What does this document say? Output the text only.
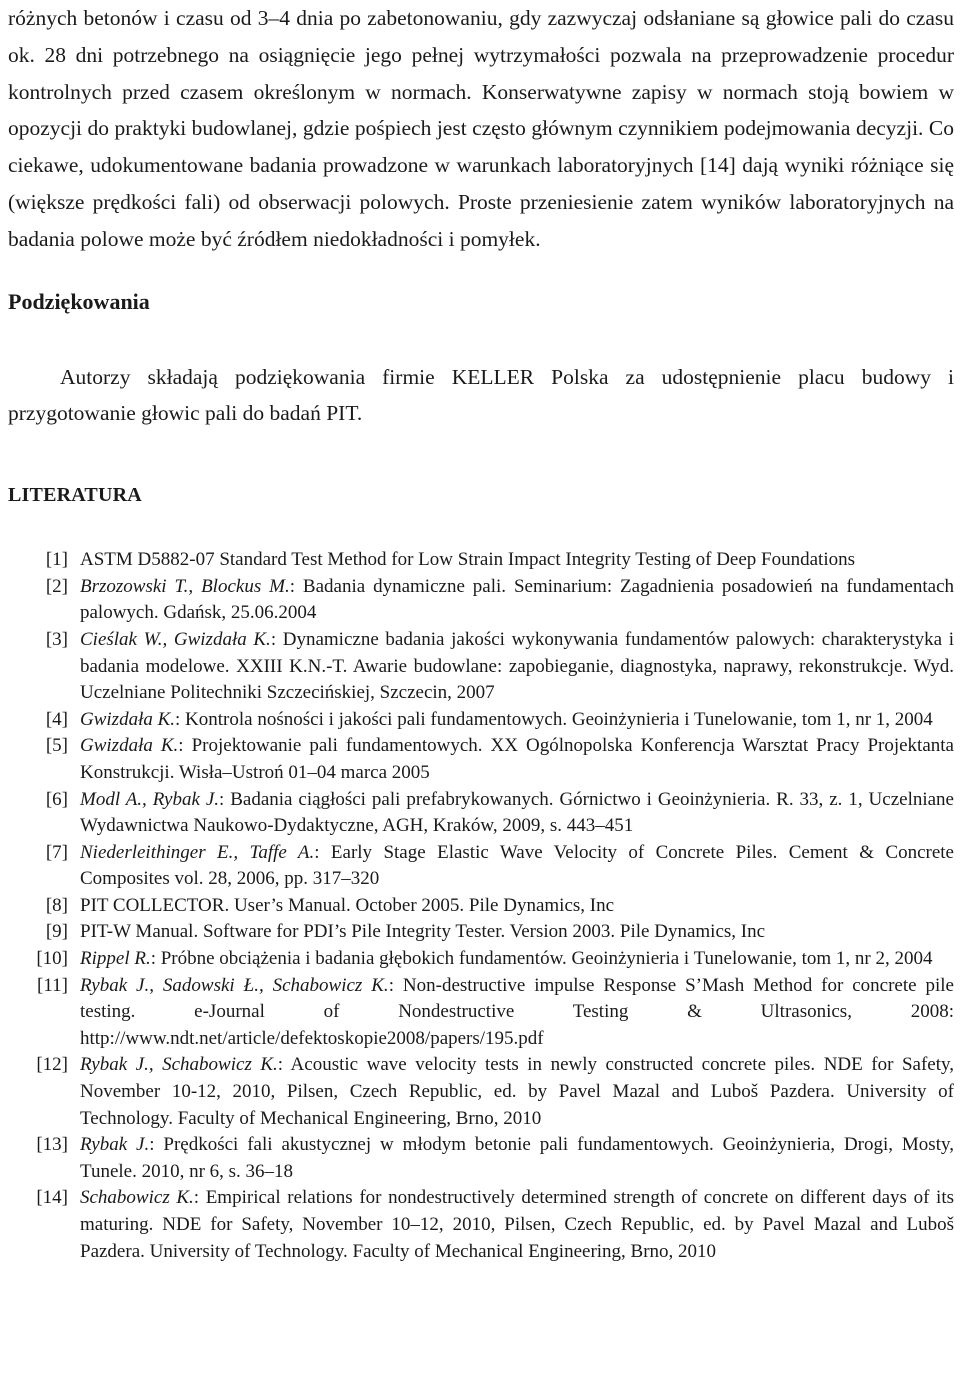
różnych betonów i czasu od 3–4 dnia po zabetonowaniu, gdy zazwyczaj odsłaniane są głowice pali do czasu ok. 28 dni potrzebnego na osiągnięcie jego pełnej wytrzymałości pozwala na przeprowadzenie procedur kontrolnych przed czasem określonym w normach. Konserwatywne zapisy w normach stoją bowiem w opozycji do praktyki budowlanej, gdzie pośpiech jest często głównym czynnikiem podejmowania decyzji. Co ciekawe, udokumentowane badania prowadzone w warunkach laboratoryjnych [14] dają wyniki różniące się (większe prędkości fali) od obserwacji polowych. Proste przeniesienie zatem wyników laboratoryjnych na badania polowe może być źródłem niedokładności i pomyłek.

Podziękowania

Autorzy składają podziękowania firmie KELLER Polska za udostępnienie placu budowy i przygotowanie głowic pali do badań PIT.

LITERATURA
[1] ASTM D5882-07 Standard Test Method for Low Strain Impact Integrity Testing of Deep Foundations
[2] Brzozowski T., Blockus M.: Badania dynamiczne pali. Seminarium: Zagadnienia posadowień na fundamentach palowych. Gdańsk, 25.06.2004
[3] Cieślak W., Gwizdała K.: Dynamiczne badania jakości wykonywania fundamentów palowych: charakterystyka i badania modelowe. XXIII K.N.-T. Awarie budowlane: zapobieganie, diagnostyka, naprawy, rekonstrukcje. Wyd. Uczelniane Politechniki Szczecińskiej, Szczecin, 2007
[4] Gwizdała K.: Kontrola nośności i jakości pali fundamentowych. Geoinżynieria i Tunelowanie, tom 1, nr 1, 2004
[5] Gwizdała K.: Projektowanie pali fundamentowych. XX Ogólnopolska Konferencja Warsztat Pracy Projektanta Konstrukcji. Wisła–Ustroń 01–04 marca 2005
[6] Modl A., Rybak J.: Badania ciągłości pali prefabrykowanych. Górnictwo i Geoinżynieria. R. 33, z. 1, Uczelniane Wydawnictwa Naukowo-Dydaktyczne, AGH, Kraków, 2009, s. 443–451
[7] Niederleithinger E., Taffe A.: Early Stage Elastic Wave Velocity of Concrete Piles. Cement & Concrete Composites vol. 28, 2006, pp. 317–320
[8] PIT COLLECTOR. User’s Manual. October 2005. Pile Dynamics, Inc
[9] PIT-W Manual. Software for PDI’s Pile Integrity Tester. Version 2003. Pile Dynamics, Inc
[10] Rippel R.: Próbne obciążenia i badania głębokich fundamentów. Geoinżynieria i Tunelowanie, tom 1, nr 2, 2004
[11] Rybak J., Sadowski Ł., Schabowicz K.: Non-destructive impulse Response S’Mash Method for concrete pile testing. e-Journal of Nondestructive Testing & Ultrasonics, 2008: http://www.ndt.net/article/defektoskopie2008/papers/195.pdf
[12] Rybak J., Schabowicz K.: Acoustic wave velocity tests in newly constructed concrete piles. NDE for Safety, November 10-12, 2010, Pilsen, Czech Republic, ed. by Pavel Mazal and Luboš Pazdera. University of Technology. Faculty of Mechanical Engineering, Brno, 2010
[13] Rybak J.: Prędkości fali akustycznej w młodym betonie pali fundamentowych. Geoinżynieria, Drogi, Mosty, Tunele. 2010, nr 6, s. 36–18
[14] Schabowicz K.: Empirical relations for nondestructively determined strength of concrete on different days of its maturing. NDE for Safety, November 10–12, 2010, Pilsen, Czech Republic, ed. by Pavel Mazal and Luboš Pazdera. University of Technology. Faculty of Mechanical Engineering, Brno, 2010
